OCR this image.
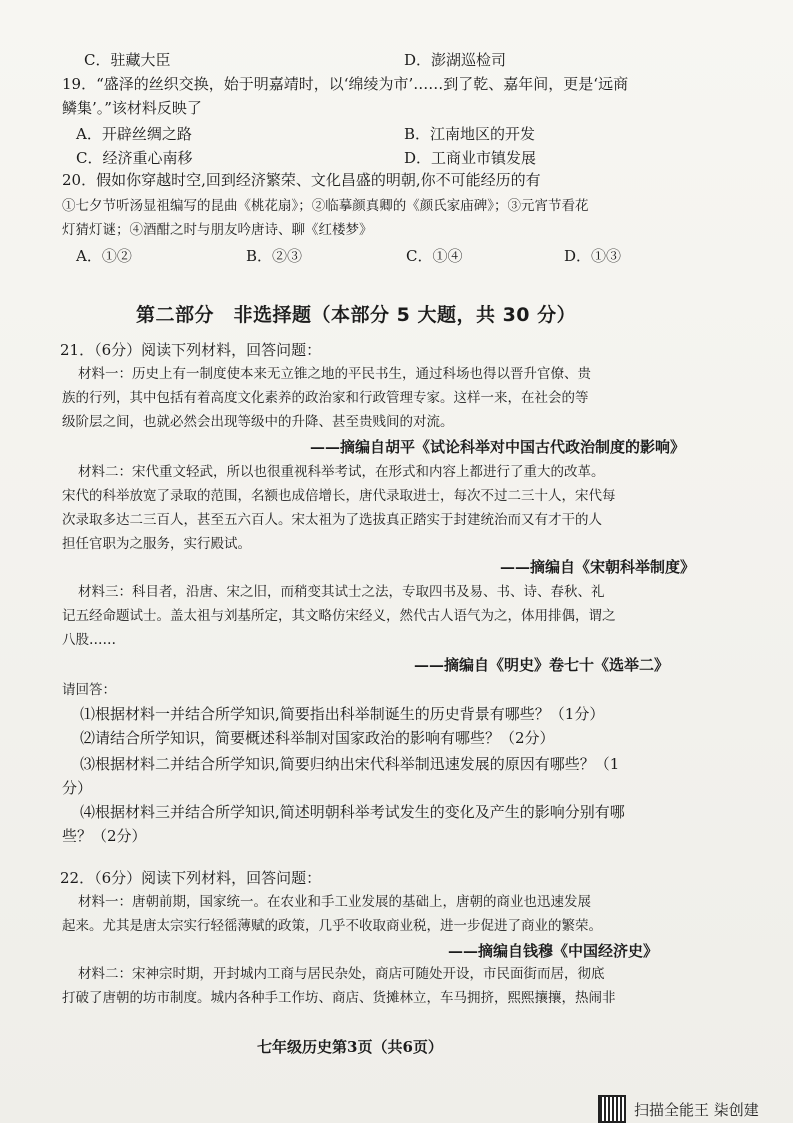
C．驻藏大臣	D．澎湖巡检司
19．“盛泽的丝织交换，始于明嘉靖时，以‘绵绫为市’……到了乾、嘉年间，更是‘远商
鳞集’。”该材料反映了
A．开辟丝绸之路	B．江南地区的开发
C．经济重心南移	D．工商业市镇发展
20．假如你穿越时空,回到经济繁荣、文化昌盛的明朝,你不可能经历的有
①七夕节听汤显祖编写的昆曲《桃花扇》；②临摹颜真卿的《颜氏家庙碑》；③元宵节看花
灯猜灯谜；④酒酣之时与朋友吟唐诗、聊《红楼梦》
A．①②	B．②③	C．①④	D．①③
第二部分　非选择题（本部分 5 大题，共 30 分）
21．（6分）阅读下列材料，回答问题：
材料一：历史上有一制度使本来无立锥之地的平民书生，通过科场也得以晋升官僚、贵
族的行列，其中包括有着高度文化素养的政治家和行政管理专家。这样一来，在社会的等
级阶层之间，也就必然会出现等级中的升降、甚至贵贱间的对流。
——摘编自胡平《试论科举对中国古代政治制度的影响》
材料二：宋代重文轻武，所以也很重视科举考试，在形式和内容上都进行了重大的改革。
宋代的科举放宽了录取的范围，名额也成倍增长，唐代录取进士，每次不过二三十人，宋代每
次录取多达二三百人，甚至五六百人。宋太祖为了选拔真正踏实于封建统治而又有才干的人
担任官职为之服务，实行殿试。
——摘编自《宋朝科举制度》
材料三：科目者，沿唐、宋之旧，而稍变其试士之法，专取四书及易、书、诗、春秋、礼
记五经命题试士。盖太祖与刘基所定，其文略仿宋经义，然代古人语气为之，体用排偶，谓之
八股……
——摘编自《明史》卷七十《选举二》
请回答：
⑴根据材料一并结合所学知识,简要指出科举制诞生的历史背景有哪些？（1分）
⑵请结合所学知识，简要概述科举制对国家政治的影响有哪些？（2分）
⑶根据材料二并结合所学知识,简要归纳出宋代科举制迅速发展的原因有哪些？（1
分）
⑷根据材料三并结合所学知识,简述明朝科举考试发生的变化及产生的影响分别有哪
些？（2分）
22．（6分）阅读下列材料，回答问题：
材料一：唐朝前期，国家统一。在农业和手工业发展的基础上，唐朝的商业也迅速发展
起来。尤其是唐太宗实行轻徭薄赋的政策，几乎不收取商业税，进一步促进了商业的繁荣。
——摘编自钱穆《中国经济史》
材料二：宋神宗时期，开封城内工商与居民杂处，商店可随处开设，市民面街而居，彻底
打破了唐朝的坊市制度。城内各种手工作坊、商店、货摊林立，车马拥挤，熙熙攘攘，热闹非
七年级历史第3页（共6页）
扫描全能王 柒创建
